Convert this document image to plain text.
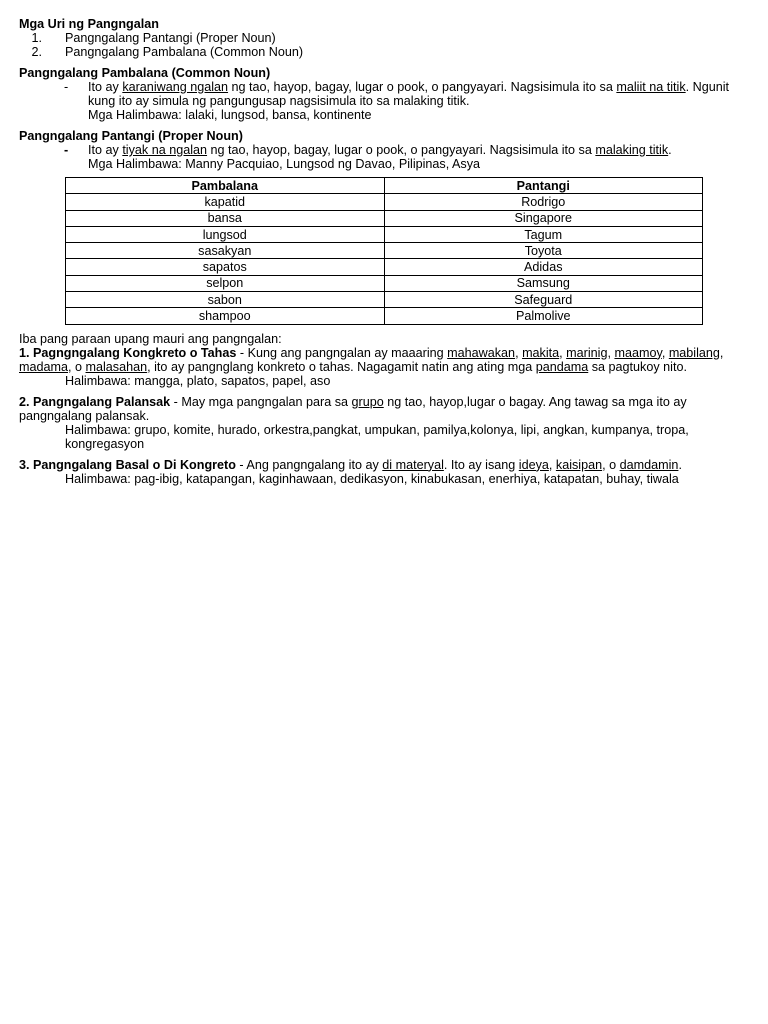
Mga Uri ng Pangngalan
1. Pangngalang Pantangi (Proper Noun)
2. Pangngalang Pambalana (Common Noun)
Pangngalang Pambalana (Common Noun)
- Ito ay karaniwang ngalan ng tao, hayop, bagay, lugar o pook, o pangyayari. Nagsisimula ito sa maliit na titik. Ngunit kung ito ay simula ng pangungusap nagsisimula ito sa malaking titik.
Mga Halimbawa: lalaki, lungsod, bansa, kontinente
Pangngalang Pantangi (Proper Noun)
- Ito ay tiyak na ngalan ng tao, hayop, bagay, lugar o pook, o pangyayari. Nagsisimula ito sa malaking titik.
Mga Halimbawa: Manny Pacquiao, Lungsod ng Davao, Pilipinas, Asya
Pambalana	Pantangi
kapatid	Rodrigo
bansa	Singapore
lungsod	Tagum
sasakyan	Toyota
sapatos	Adidas
selpon	Samsung
sabon	Safeguard
shampoo	Palmolive
Iba pang paraan upang mauri ang pangngalan:
1. Pagngngalang Kongkreto o Tahas - Kung ang pangngalan ay maaaring mahawakan, makita, marinig, maamoy, mabilang, madama, o malasahan, ito ay pangnglang konkreto o tahas. Nagagamit natin ang ating mga pandama sa pagtukoy nito.
Halimbawa: mangga, plato, sapatos, papel, aso
2. Pangngalang Palansak - May mga pangngalan para sa grupo ng tao, hayop,lugar o bagay. Ang tawag sa mga ito ay pangngalang palansak.
Halimbawa: grupo, komite, hurado, orkestra,pangkat, umpukan, pamilya,kolonya, lipi, angkan, kumpanya, tropa, kongregasyon
3. Pangngalang Basal o Di Kongreto - Ang pangngalang ito ay di materyal. Ito ay isang ideya, kaisipan, o damdamin.
Halimbawa: pag-ibig, katapangan, kaginhawaan, dedikasyon, kinabukasan, enerhiya, katapatan, buhay, tiwala
